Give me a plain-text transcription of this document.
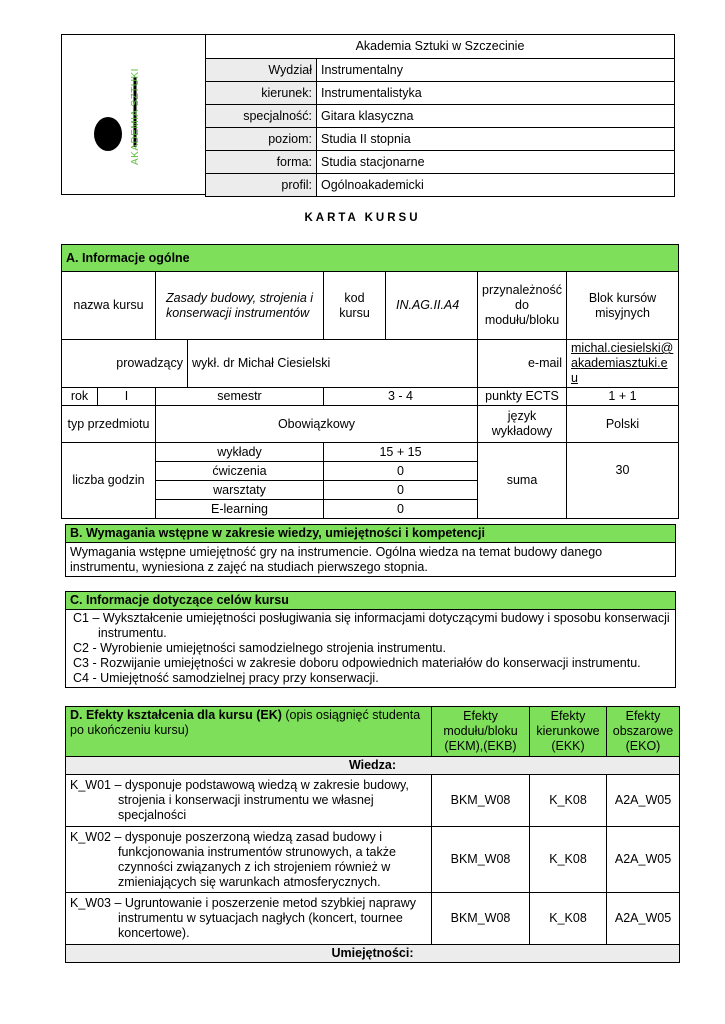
AKADEMIA SZTUKI
Akademia Sztuki w Szczecinie	
Wydział	Instrumentalny
kierunek:	Instrumentalistyka
specjalność:	Gitara klasyczna
poziom:	Studia II stopnia
forma:	Studia stacjonarne
profil:	Ogólnoakademicki
KARTA KURSU
A. Informacje ogólne							
nazwa kursu		Zasady budowy, strojenia i konserwacji instrumentów		kod kursu	IN.AG.II.A4	przynależność do modułu/bloku	Blok kursów misyjnych
prowadzący			wykł. dr Michał Ciesielski			e-mail	michal.ciesielski@akademiasztuki.eu
rok	I	semestr		3 - 4		punkty ECTS	1 + 1
typ przedmiotu		Obowiązkowy				język wykładowy	Polski
liczba godzin		wykłady		15 + 15		suma	30
		ćwiczenia		0			
		warsztaty		0			
		E-learning		0			
B. Wymagania wstępne w zakresie wiedzy, umiejętności i kompetencji
Wymagania wstępne umiejętność gry na instrumencie. Ogólna wiedza na temat budowy danego instrumentu, wyniesiona z zajęć na studiach pierwszego stopnia.
C. Informacje dotyczące celów kursu

C1 – Wykształcenie umiejętności posługiwania się informacjami dotyczącymi budowy i sposobu konserwacji instrumentu.
C2 - Wyrobienie umiejętności samodzielnego strojenia instrumentu.
C3 - Rozwijanie umiejętności w zakresie doboru odpowiednich materiałów do konserwacji instrumentu.
C4 - Umiejętność samodzielnej pracy przy konserwacji.
D. Efekty kształcenia dla kursu (EK) (opis osiągnięć studenta po ukończeniu kursu)	Efekty modułu/bloku (EKM),(EKB)	Efekty kierunkowe (EKK)	Efekty obszarowe (EKO)
Wiedza:			
K_W01 – dysponuje podstawową wiedzą w zakresie budowy, strojenia i konserwacji instrumentu we własnej specjalności	BKM_W08	K_K08	A2A_W05
K_W02 – dysponuje poszerzoną wiedzą zasad budowy i funkcjonowania instrumentów strunowych, a także czynności związanych z ich strojeniem również w zmieniających się warunkach atmosferycznych.	BKM_W08	K_K08	A2A_W05
K_W03 – Ugruntowanie i poszerzenie metod szybkiej naprawy instrumentu w sytuacjach nagłych (koncert, tournee koncertowe).	BKM_W08	K_K08	A2A_W05
Umiejętności:			
